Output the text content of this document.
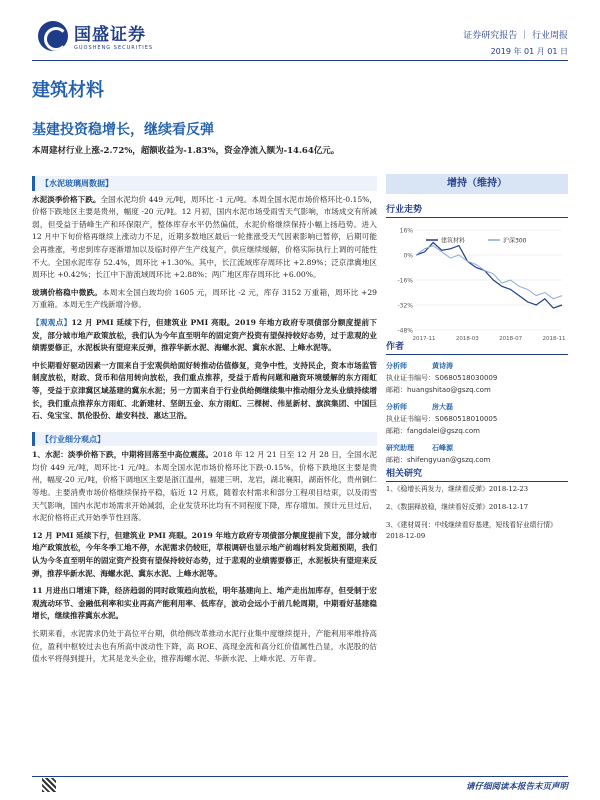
国盛证券
GUOSHENG SECURITIES
证券研究报告 ｜ 行业周报
2019 年 01 月 01 日
建筑材料
基建投资稳增长，继续看反弹
本周建材行业上涨-2.72%，超额收益为-1.83%，资金净流入额为-14.64亿元。
【水泥玻璃周数据】
水泥淡季价格下跌。全国水泥均价 449 元/吨，周环比 -1 元/吨。本周全国水泥市场价格环比-0.15%，价格下跌地区主要是贵州，幅度 -20 元/吨。12 月初，国内水泥市场受雨雪天气影响，市场成交有所减弱，但受益于错峰生产和环保限产，整体库存水平仍然偏低，水泥价格继续保持小幅上扬趋势。进入 12 月中下旬价格再继续上涨动力不足，近期多数地区最后一轮推涨受天气因素影响已暂停，后期可能会再推涨，考虑到库存逐渐增加以及临时停产生产线复产，供应继续缓解，价格实际执行上调的可能性不大。全国水泥库存 52.4%，周环比 +1.30%。其中，长江流域库存周环比 +2.89%；泛京津冀地区周环比 +0.42%；长江中下游流域周环比 +2.88%；两广地区库存周环比 +6.00%。
玻璃价格稳中微跌。本周末全国白玻均价 1605 元，周环比 -2 元，库存 3152 万重箱，周环比 +29 万重箱。本周无生产线新增冷修。
【观观点】12 月 PMI 延续下行，但建筑业 PMI 亮眼。2019 年地方政府专项债部分额度提前下发，部分城市地产政策放松，我们认为今年直至明年的固定资产投资有望保持较好态势，过于悲观的业绩需要修正，水泥板块有望迎来反弹，推荐华新水泥、海螺水泥、冀东水泥、上峰水泥等。
中长期看好驱动因素一方面来自于宏观供给面好转推动估值修复，竞争中性，支持民企，资本市场监管制度放松，财政、货币和信用转向放松，我们重点推荐，受益于盾构问题和融资环境缓解的东方雨虹等，受益于京津冀区域基建的冀东水泥；另一方面来自于行业供给侧继续集中推动细分龙头业绩持续增长，我们重点推荐东方雨虹、北新建材、坚朗五金、东方雨虹、三棵树、伟星新材、旗滨集团、中国巨石、兔宝宝、凯伦股份、雄安科技、惠达卫浴。
【行业细分观点】
1、水泥：淡季价格下跌，中期将回落至中高位震荡。2018 年 12 月 21 日至 12 月 28 日，全国水泥均价 449 元/吨，周环比-1 元/吨。本周全国水泥市场价格环比下跌-0.15%，价格下跌地区主要是贵州，幅度-20 元/吨，价格下调地区主要是浙江温州，福建三明、龙岩，湖北襄阳，湖南怀化，贵州铜仁等地。主要消费市场价格继续保持平稳，临近 12 月底，随着农村需求和部分工程项目结束，以及雨雪天气影响，国内水泥市场需求开始减弱，企业发货环比均有不同程度下降，库存增加。预计元旦过后，水泥价格将正式开始季节性回落。
12 月 PMI 延续下行，但建筑业 PMI 亮眼。2019 年地方政府专项债部分额度提前下发，部分城市地产政策放松，今年冬季工地不停，水泥需求仍较旺，草根调研也显示地产前端材料发货超预期，我们认为今冬直至明年的固定资产投资有望保持较好态势，过于悲观的业绩需要修正，水泥板块有望迎来反弹，推荐华新水泥、海螺水泥、冀东水泥、上峰水泥等。
11 月进出口增速下降，经济趋弱的同时政策趋向放松，明年基建向上、地产走出加库存，但受制于宏观流动环节、金融低利率和实业再高产能利用率、低库存，波动会远小于前几轮周期，中期看好基建稳增长，继续推荐冀东水泥。
长期来看，水泥需求仍处于高位平台期，供给侧改革推动水泥行业集中度继续提升，产能利用率维持高位，盈利中枢较过去也有所高中波动性下降，高 ROE、高现金流和高分红价值属性凸显，水泥股的估值水平将得到提升，尤其是龙头企业，推荐海螺水泥、华新水泥、上峰水泥、万年青。
增持（维持）
行业走势
16%
0%
-16%
-32%
-48%
2017-11	2018-03	2018-07	2018-11
建筑材料	沪深300
作者
分析师	黄诗涛
执业证书编号：S0680518030009
邮箱：huangshitao@gszq.com
分析师	房大磊
执业证书编号：S0680518010005
邮箱：fangdalei@gszq.com
研究助理	石峰源
邮箱：shifengyuan@gszq.com
相关研究
1、《稳增长再发力，继续看反弹》2018-12-23
2、《数据释放稳，继续看好反弹》2018-12-17
3、《建材周刊：中线继续看好基建，短线看好业绩行情》2018-12-09
请仔细阅读本报告末页声明
